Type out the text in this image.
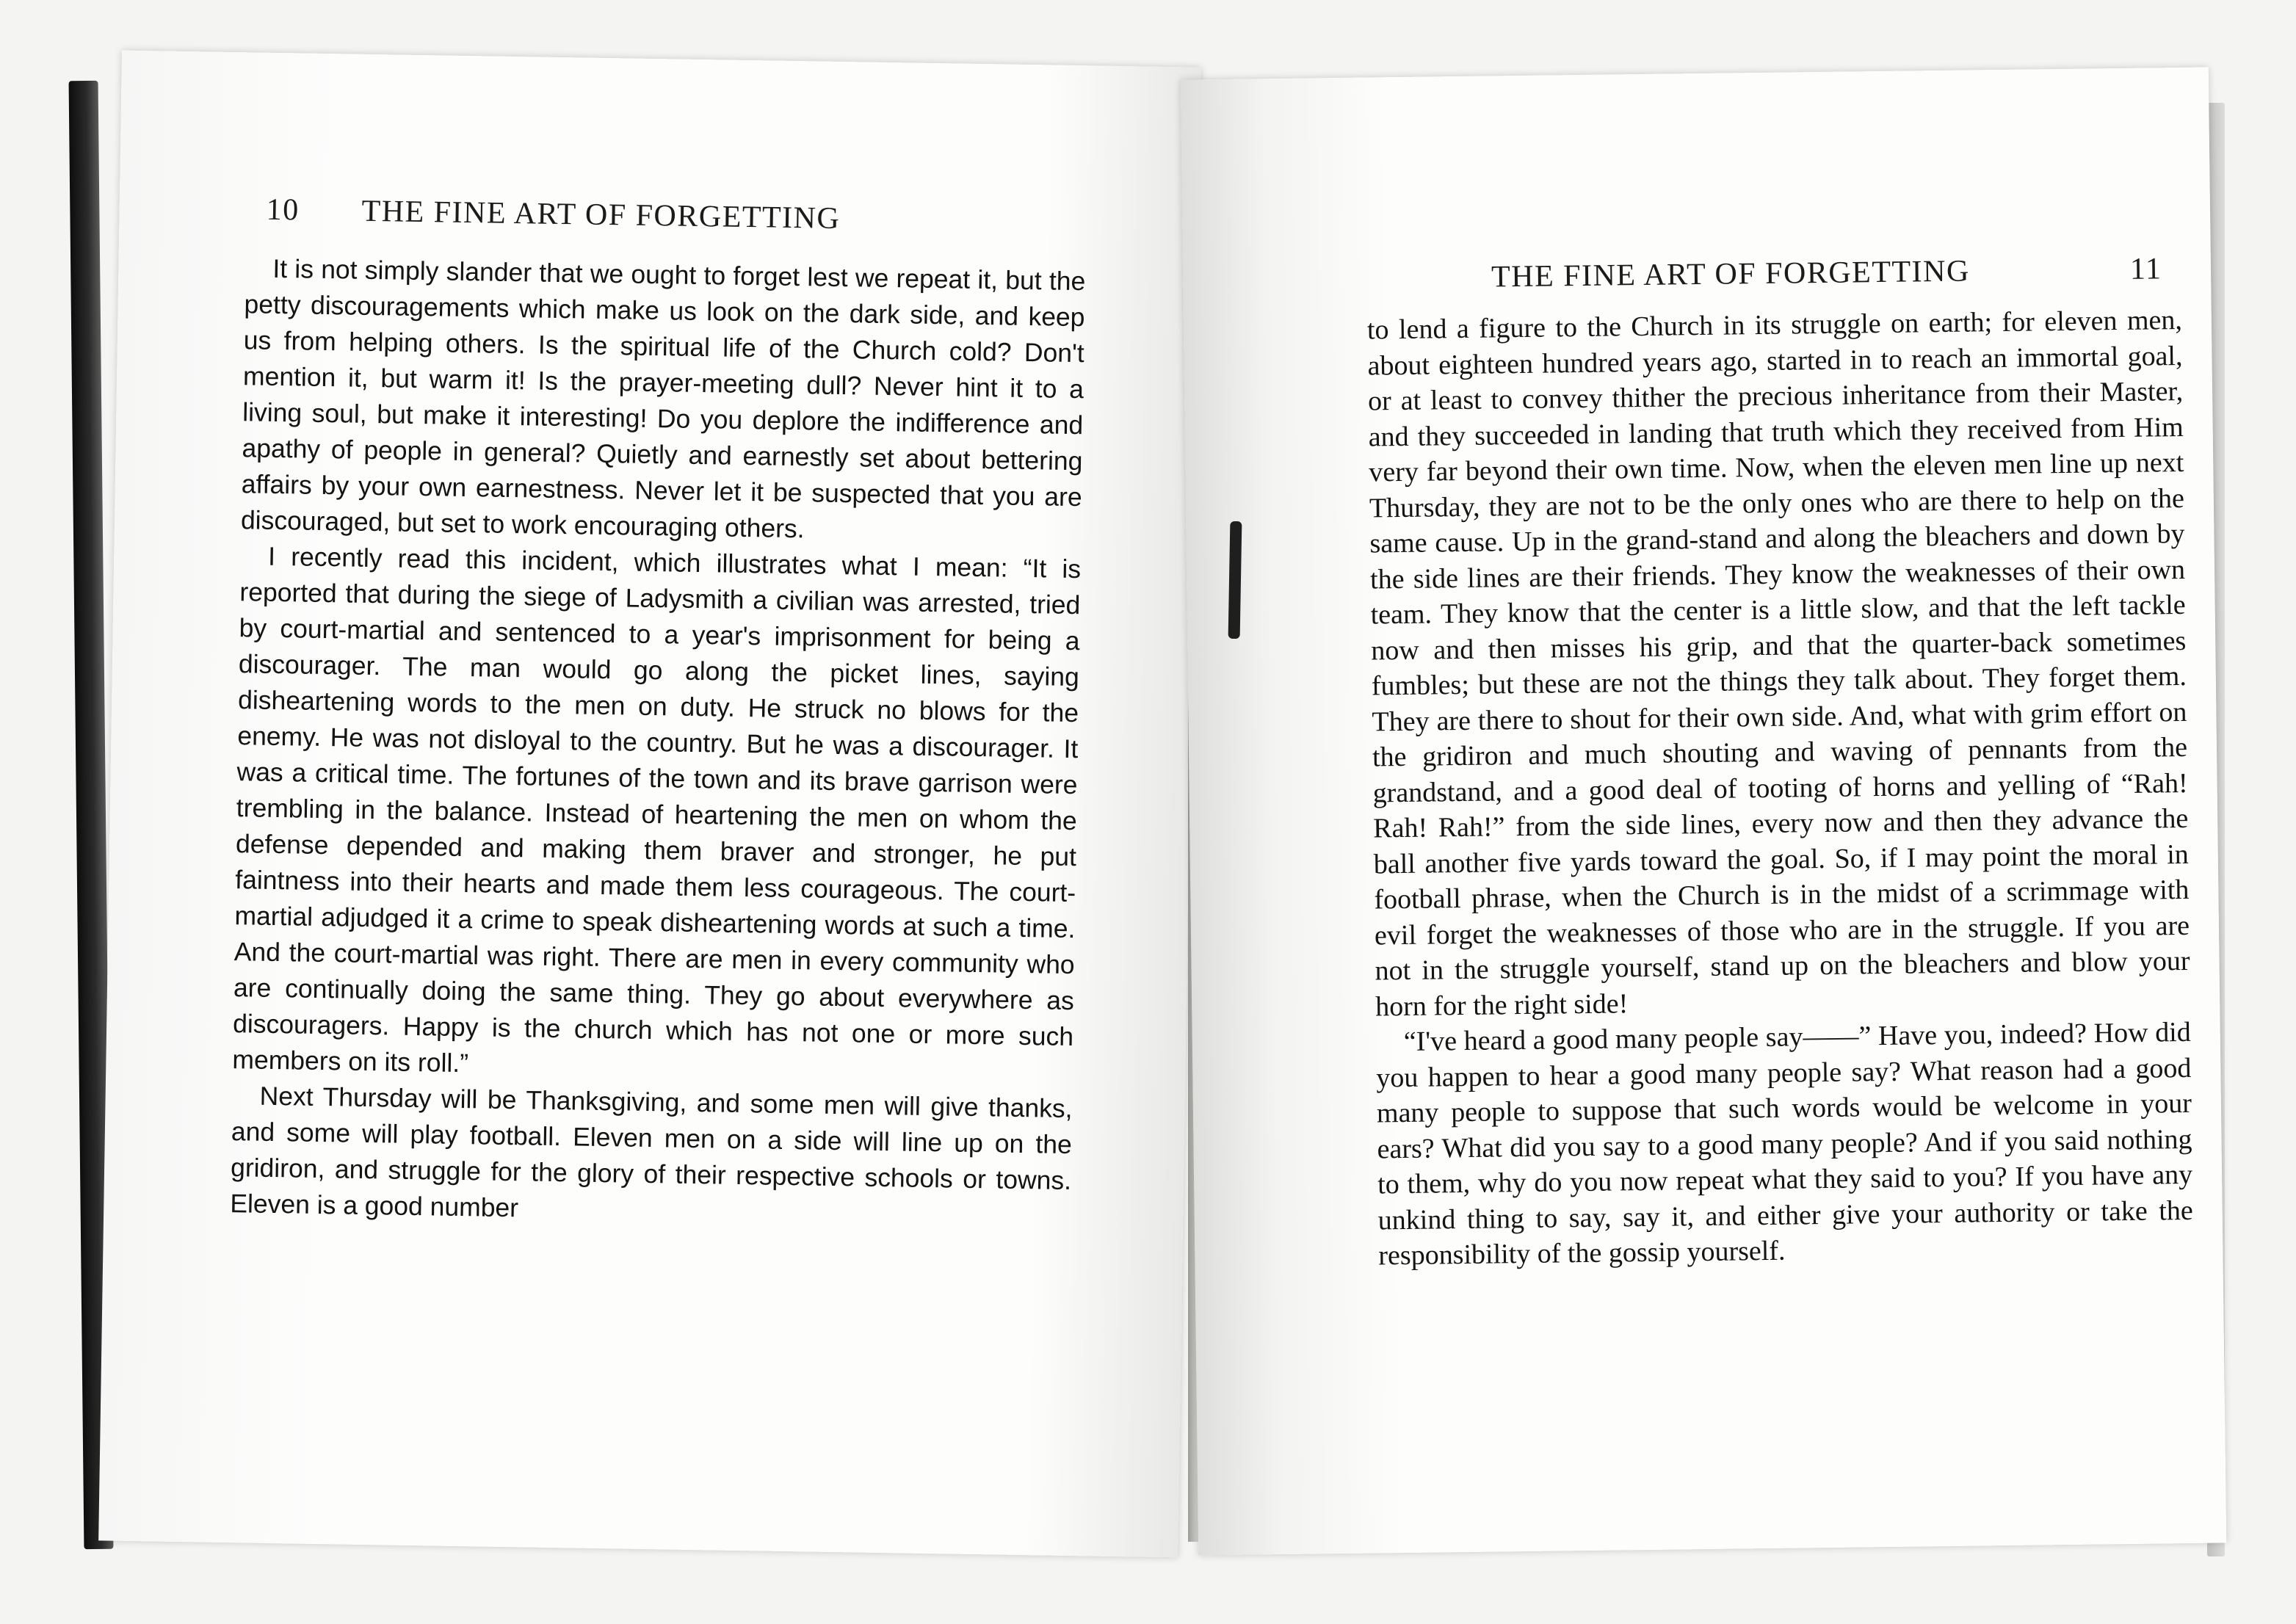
10 THE FINE ART OF FORGETTING

It is not simply slander that we ought to forget lest we repeat it, but the petty discouragements which make us look on the dark side, and keep us from helping others. Is the spiritual life of the Church cold? Don't mention it, but warm it! Is the prayer-meeting dull? Never hint it to a living soul, but make it interesting! Do you deplore the indifference and apathy of people in general? Quietly and earnestly set about bettering affairs by your own earnestness. Never let it be suspected that you are discouraged, but set to work encouraging others.

I recently read this incident, which illustrates what I mean: “It is reported that during the siege of Ladysmith a civilian was arrested, tried by court-martial and sentenced to a year's imprisonment for being a discourager. The man would go along the picket lines, saying disheartening words to the men on duty. He struck no blows for the enemy. He was not disloyal to the country. But he was a discourager. It was a critical time. The fortunes of the town and its brave garrison were trembling in the balance. Instead of heartening the men on whom the defense depended and making them braver and stronger, he put faintness into their hearts and made them less courageous. The court-martial adjudged it a crime to speak disheartening words at such a time. And the court-martial was right. There are men in every community who are continually doing the same thing. They go about everywhere as discouragers. Happy is the church which has not one or more such members on its roll.”

Next Thursday will be Thanksgiving, and some men will give thanks, and some will play football. Eleven men on a side will line up on the gridiron, and struggle for the glory of their respective schools or towns. Eleven is a good number

THE FINE ART OF FORGETTING	11

to lend a figure to the Church in its struggle on earth; for eleven men, about eighteen hundred years ago, started in to reach an immortal goal, or at least to convey thither the precious inheritance from their Master, and they succeeded in landing that truth which they received from Him very far beyond their own time. Now, when the eleven men line up next Thursday, they are not to be the only ones who are there to help on the same cause. Up in the grand-stand and along the bleachers and down by the side lines are their friends. They know the weaknesses of their own team. They know that the center is a little slow, and that the left tackle now and then misses his grip, and that the quarter-back sometimes fumbles; but these are not the things they talk about. They forget them. They are there to shout for their own side. And, what with grim effort on the gridiron and much shouting and waving of pennants from the grandstand, and a good deal of tooting of horns and yelling of “Rah! Rah! Rah!” from the side lines, every now and then they advance the ball another five yards toward the goal. So, if I may point the moral in football phrase, when the Church is in the midst of a scrimmage with evil forget the weaknesses of those who are in the struggle. If you are not in the struggle yourself, stand up on the bleachers and blow your horn for the right side!

“I've heard a good many people say——” Have you, indeed? How did you happen to hear a good many people say? What reason had a good many people to suppose that such words would be welcome in your ears? What did you say to a good many people? And if you said nothing to them, why do you now repeat what they said to you? If you have any unkind thing to say, say it, and either give your authority or take the responsibility of the gossip yourself.
